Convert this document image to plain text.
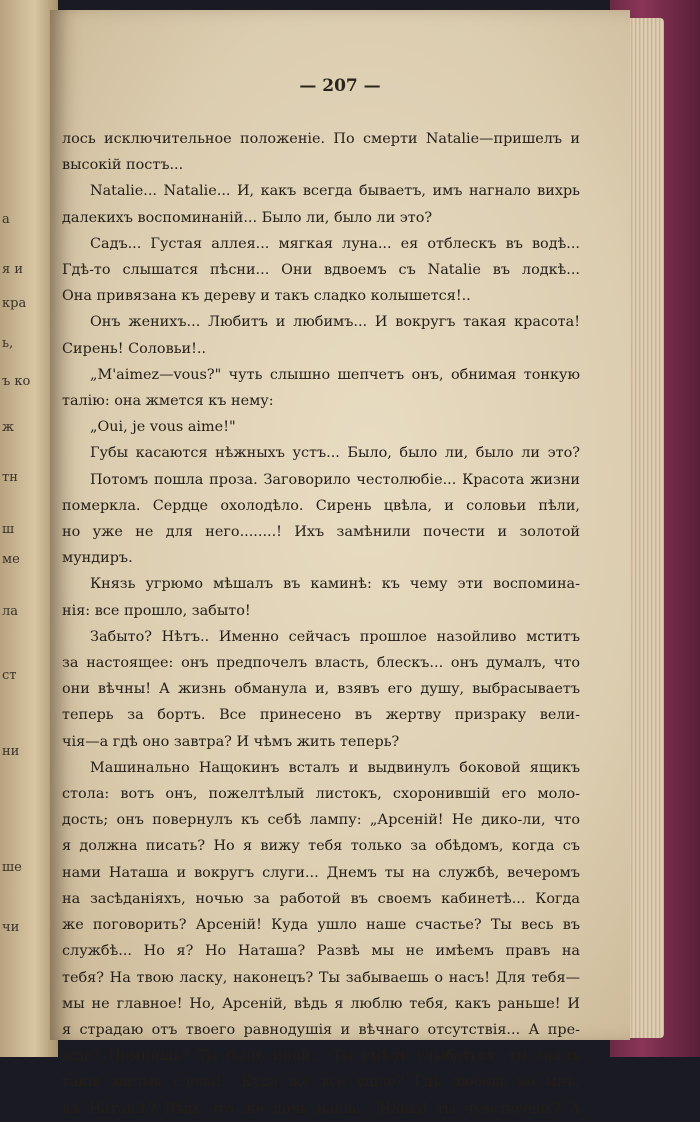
а
я и
кра
ь,
ъ ко
ж
тн
ш
ме
ла
ст
ни
ше
чи
— 207 —
лось исключительное положеніе. По смерти Natalie—пришелъ и
высокій постъ...
Natalie... Natalie... И, какъ всегда бываетъ, имъ нагнало вихрь
далекихъ воспоминаній... Было ли, было ли это?
Садъ... Густая аллея... мягкая луна... ея отблескъ въ водѣ...
Гдѣ-то слышатся пѣсни... Они вдвоемъ съ Natalie въ лодкѣ...
Она привязана къ дереву и такъ сладко колышется!..
Онъ женихъ... Любитъ и любимъ... И вокругъ такая красота!
Сирень! Соловьи!..
„M'aimez—vous?" чуть слышно шепчетъ онъ, обнимая тонкую
талію: она жмется къ нему:
„Oui, je vous aime!"
Губы касаются нѣжныхъ устъ... Было, было ли, было ли это?
Потомъ пошла проза. Заговорило честолюбіе... Красота жизни
померкла. Сердце охолодѣло. Сирень цвѣла, и соловьи пѣли,
но уже не для него........! Ихъ замѣнили почести и золотой
мундиръ.
Князь угрюмо мѣшалъ въ каминѣ: къ чему эти воспомина-
нія: все прошло, забыто!
Забыто? Нѣтъ.. Именно сейчасъ прошлое назойливо мститъ
за настоящее: онъ предпочелъ власть, блескъ... онъ думалъ, что
они вѣчны! А жизнь обманула и, взявъ его душу, выбрасываетъ
теперь за бортъ. Все принесено въ жертву призраку вели-
чія—а гдѣ оно завтра? И чѣмъ жить теперь?
Машинально Нащокинъ всталъ и выдвинулъ боковой ящикъ
стола: вотъ онъ, пожелтѣлый листокъ, схоронившій его моло-
дость; онъ повернулъ къ себѣ лампу: „Арсеній! Не дико-ли, что
я должна писать? Но я вижу тебя только за обѣдомъ, когда съ
нами Наташа и вокругъ слуги... Днемъ ты на службѣ, вечеромъ
на засѣданіяхъ, ночью за работой въ своемъ кабинетѣ... Когда
же поговорить? Арсеній! Куда ушло наше счастье? Ты весь въ
службѣ... Но я? Но Наташа? Развѣ мы не имѣемъ правъ на
тебя? На твою ласку, наконецъ? Ты забываешь о насъ! Для тебя—
мы не главное! Но, Арсеній, вѣдь я люблю тебя, какъ раньше! И
я страдаю отъ твоего равнодушія и вѣчнаго отсутствія... А пре-
жде? Помнишь? Ты былъ иной... Ты умѣлъ улыбаться, ты зналъ
такія милыя слова!.. Куда же все ушло? Гдѣ любовь ко мнѣ,
къ Наташѣ? Вѣдь это же дочь наша... Наша! ты чувствуешь? А
